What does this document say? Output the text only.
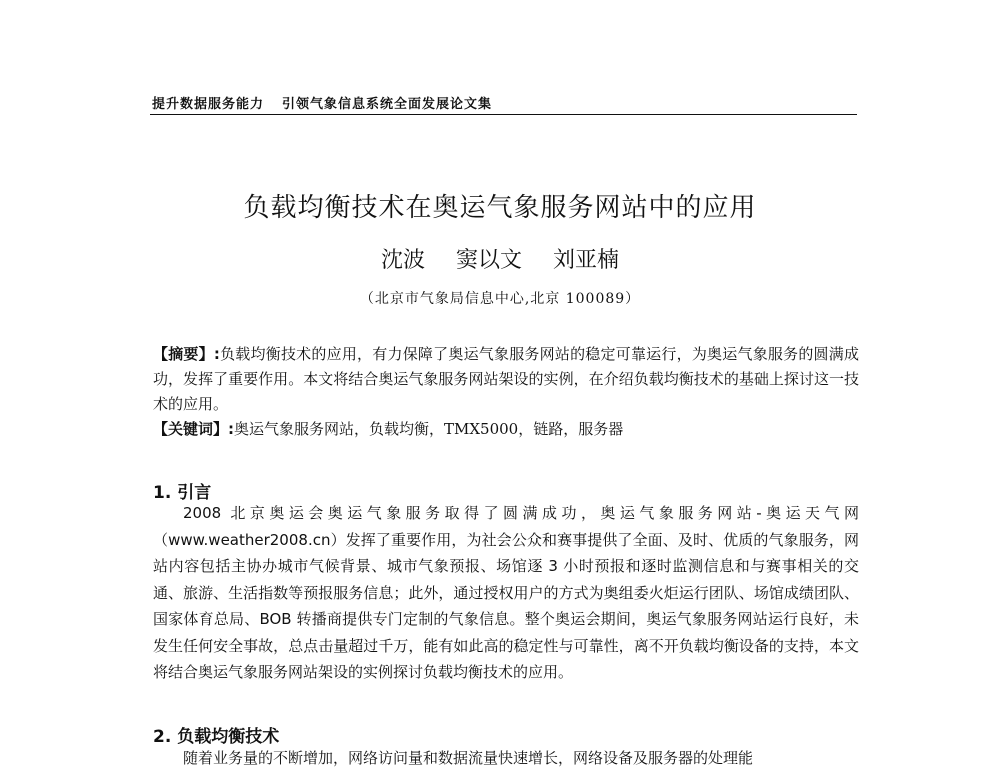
提升数据服务能力 引领气象信息系统全面发展论文集
负载均衡技术在奥运气象服务网站中的应用
沈波 窦以文 刘亚楠
（北京市气象局信息中心,北京 100089）

【摘要】:负载均衡技术的应用，有力保障了奥运气象服务网站的稳定可靠运行，为奥运气象服务的圆满成功，发挥了重要作用。本文将结合奥运气象服务网站架设的实例，在介绍负载均衡技术的基础上探讨这一技术的应用。

【关键词】:奥运气象服务网站，负载均衡，TMX5000，链路，服务器

1. 引言

2008 北京奥运会奥运气象服务取得了圆满成功，奥运气象服务网站-奥运天气网（www.weather2008.cn）发挥了重要作用，为社会公众和赛事提供了全面、及时、优质的气象服务，网站内容包括主协办城市气候背景、城市气象预报、场馆逐 3 小时预报和逐时监测信息和与赛事相关的交通、旅游、生活指数等预报服务信息；此外，通过授权用户的方式为奥组委火炬运行团队、场馆成绩团队、国家体育总局、BOB 转播商提供专门定制的气象信息。整个奥运会期间，奥运气象服务网站运行良好，未发生任何安全事故，总点击量超过千万，能有如此高的稳定性与可靠性，离不开负载均衡设备的支持，本文将结合奥运气象服务网站架设的实例探讨负载均衡技术的应用。

2. 负载均衡技术

随着业务量的不断增加，网络访问量和数据流量快速增长，网络设备及服务器的处理能
